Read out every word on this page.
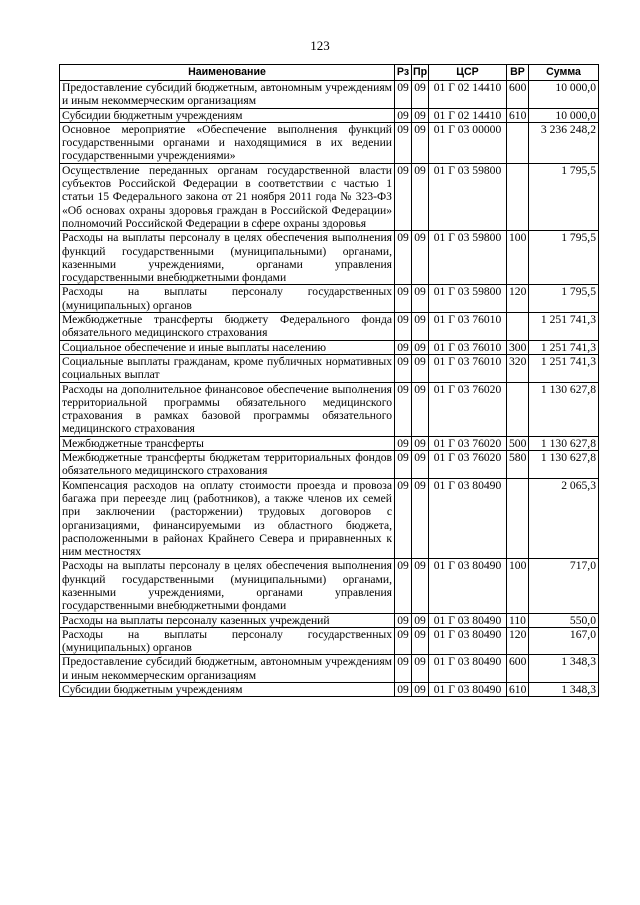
123
Наименование	Рз	Пр	ЦСР	ВР	Сумма
Предоставление субсидий бюджетным, автономным учреждениям и иным некоммерческим организациям	09	09	01 Г 02 14410	600	10 000,0
Субсидии бюджетным учреждениям	09	09	01 Г 02 14410	610	10 000,0
Основное мероприятие «Обеспечение выполнения функций государственными органами и находящимися в их ведении государственными учреждениями»	09	09	01 Г 03 00000		3 236 248,2
Осуществление переданных органам государственной власти субъектов Российской Федерации в соответствии с частью 1 статьи 15 Федерального закона от 21 ноября 2011 года № 323-ФЗ «Об основах охраны здоровья граждан в Российской Федерации» полномочий Российской Федерации в сфере охраны здоровья	09	09	01 Г 03 59800		1 795,5
Расходы на выплаты персоналу в целях обеспечения выполнения функций государственными (муниципальными) органами, казенными учреждениями, органами управления государственными внебюджетными фондами	09	09	01 Г 03 59800	100	1 795,5
Расходы на выплаты персоналу государственных (муниципальных) органов	09	09	01 Г 03 59800	120	1 795,5
Межбюджетные трансферты бюджету Федерального фонда обязательного медицинского страхования	09	09	01 Г 03 76010		1 251 741,3
Социальное обеспечение и иные выплаты населению	09	09	01 Г 03 76010	300	1 251 741,3
Социальные выплаты гражданам, кроме публичных нормативных социальных выплат	09	09	01 Г 03 76010	320	1 251 741,3
Расходы на дополнительное финансовое обеспечение выполнения территориальной программы обязательного медицинского страхования в рамках базовой программы обязательного медицинского страхования	09	09	01 Г 03 76020		1 130 627,8
Межбюджетные трансферты	09	09	01 Г 03 76020	500	1 130 627,8
Межбюджетные трансферты бюджетам территориальных фондов обязательного медицинского страхования	09	09	01 Г 03 76020	580	1 130 627,8
Компенсация расходов на оплату стоимости проезда и провоза багажа при переезде лиц (работников), а также членов их семей при заключении (расторжении) трудовых договоров с организациями, финансируемыми из областного бюджета, расположенными в районах Крайнего Севера и приравненных к ним местностях	09	09	01 Г 03 80490		2 065,3
Расходы на выплаты персоналу в целях обеспечения выполнения функций государственными (муниципальными) органами, казенными учреждениями, органами управления государственными внебюджетными фондами	09	09	01 Г 03 80490	100	717,0
Расходы на выплаты персоналу казенных учреждений	09	09	01 Г 03 80490	110	550,0
Расходы на выплаты персоналу государственных (муниципальных) органов	09	09	01 Г 03 80490	120	167,0
Предоставление субсидий бюджетным, автономным учреждениям и иным некоммерческим организациям	09	09	01 Г 03 80490	600	1 348,3
Субсидии бюджетным учреждениям	09	09	01 Г 03 80490	610	1 348,3
